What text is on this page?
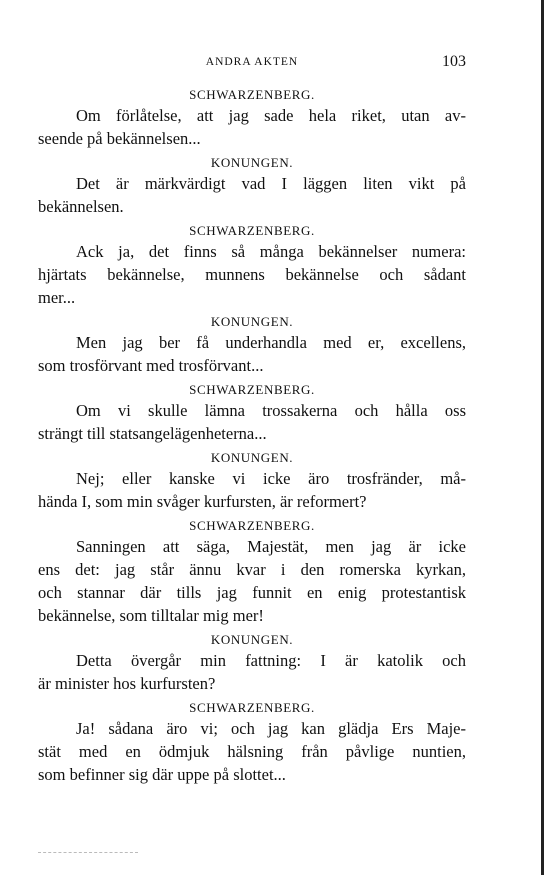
ANDRA AKTEN	103
SCHWARZENBERG.
Om förlåtelse, att jag sade hela riket, utan av-
seende på bekännelsen...
KONUNGEN.
Det är märkvärdigt vad I läggen liten vikt på
bekännelsen.
SCHWARZENBERG.
Ack ja, det finns så många bekännelser numera:
hjärtats bekännelse, munnens bekännelse och sådant
mer...
KONUNGEN.
Men jag ber få underhandla med er, excellens,
som trosförvant med trosförvant...
SCHWARZENBERG.
Om vi skulle lämna trossakerna och hålla oss
strängt till statsangelägenheterna...
KONUNGEN.
Nej; eller kanske vi icke äro trosfränder, må-
hända I, som min svåger kurfursten, är reformert?
SCHWARZENBERG.
Sanningen att säga, Majestät, men jag är icke
ens det: jag står ännu kvar i den romerska kyrkan,
och stannar där tills jag funnit en enig protestantisk
bekännelse, som tilltalar mig mer!
KONUNGEN.
Detta övergår min fattning: I är katolik och
är minister hos kurfursten?
SCHWARZENBERG.
Ja! sådana äro vi; och jag kan glädja Ers Maje-
stät med en ödmjuk hälsning från påvlige nuntien,
som befinner sig där uppe på slottet...
